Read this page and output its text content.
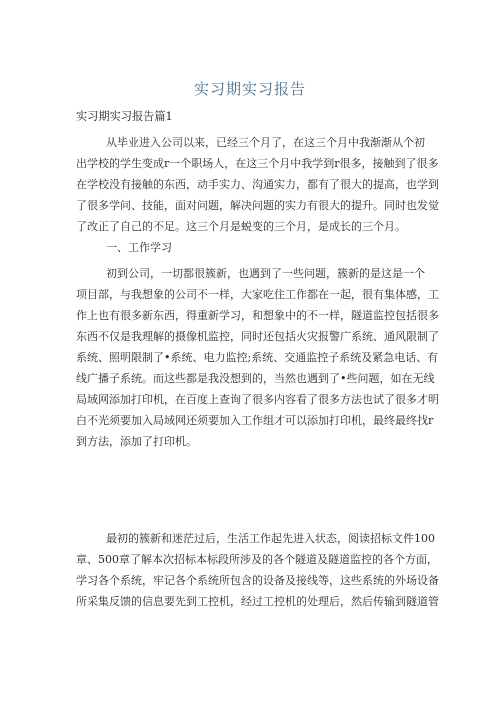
实习期实习报告
实习期实习报告篇1
从毕业进入公司以来，已经三个月了，在这三个月中我渐渐从个初
出学校的学生变成r一个职场人，在这三个月中我学到r很多，接触到了很多
在学校没有接触的东西，动手实力、沟通实力，都有了很大的提高，也学到
了很多学问、技能，面对问题，解决问题的实力有很大的提升。同时也发觉
了改正了自己的不足。这三个月是蜕变的三个月，是成长的三个月。
一、工作学习
初到公司，一切都很簇新，也遇到了一些问题，簇新的是这是一个
项目部，与我想象的公司不一样，大家吃住工作都在一起，很有集体感，工
作上也有很多新东西，得重新学习，和想象中的不一样，隧道监控包括很多
东西不仅是我理解的摄像机监控，同时还包括火灾报警广系统、通风限制了
系统、照明限制了•系统、电力监控;系统、交通监控子系统及紧急电话、有
线广播子系统。而这些都是我没想到的，当然也遇到了•些问题，如在无线
局域网添加打印机，在百度上查询了很多内容看了很多方法也试了很多才明
白不光须要加入局域网还须要加入工作组才可以添加打印机，最终最终找r
到方法，添加了打印机。
最初的簇新和迷茫过后，生活工作起先进入状态，阅读招标文件100
章、500章了解本次招标本标段所涉及的各个隧道及隧道监控的各个方面，
学习各个系统，牢记各个系统所包含的设备及接线等，这些系统的外场设备
所采集反馈的信息要先到工控机，经过工控机的处理后，然后传输到隧道管
